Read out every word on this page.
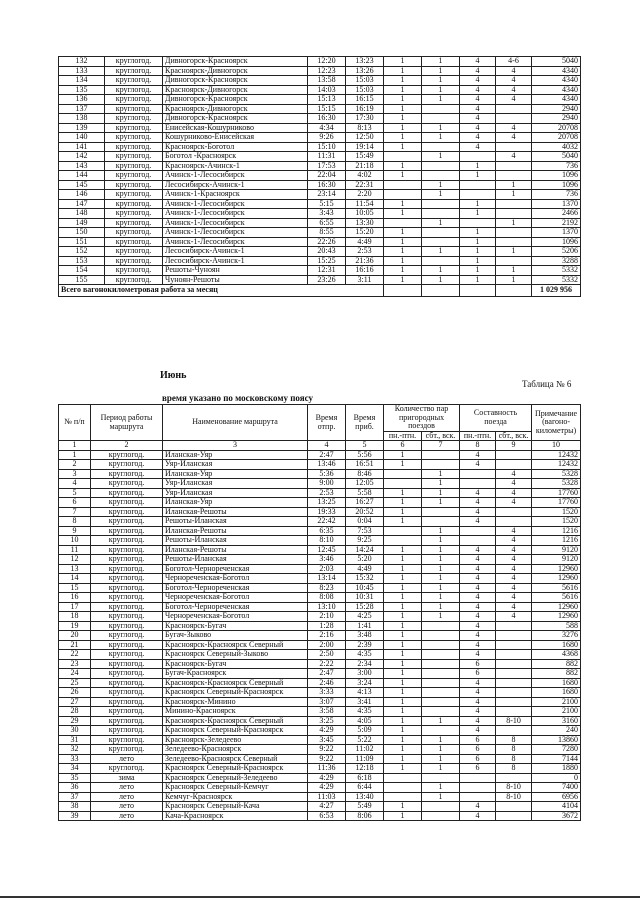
132	круглогод.	Дивногорск-Красноярск	12:20	13:23	1	1	4	4-6	5040
133	круглогод.	Красноярск-Дивногорск	12:23	13:26	1	1	4	4	4340
134	круглогод.	Дивногорск-Красноярск	13:58	15:03	1	1	4	4	4340
135	круглогод.	Красноярск-Дивногорск	14:03	15:03	1	1	4	4	4340
136	круглогод.	Дивногорск-Красноярск	15:13	16:15	1	1	4	4	4340
137	круглогод.	Красноярск-Дивногорск	15:15	16:19	1		4		2940
138	круглогод.	Дивногорск-Красноярск	16:30	17:30	1		4		2940
139	круглогод.	Енисейская-Кошурниково	4:34	8:13	1	1	4	4	20708
140	круглогод.	Кошурниково-Енисейская	9:26	12:50	1	1	4	4	20708
141	круглогод.	Красноярск-Боготол	15:10	19:14	1		4		4032
142	круглогод.	Боготол -Красноярск	11:31	15:49		1		4	5040
143	круглогод.	Красноярск-Ачинск-1	17:53	21:18	1		1		736
144	круглогод.	Ачинск-1-Лесосибирск	22:04	4:02	1		1		1096
145	круглогод.	Лесосибирск-Ачинск-1	16:30	22:31		1		1	1096
146	круглогод.	Ачинск-1-Красноярск	23:14	2:20		1		1	736
147	круглогод.	Ачинск-1-Лесосибирск	5:15	11:54	1		1		1370
148	круглогод.	Ачинск-1-Лесосибирск	3:43	10:05	1		1		2466
149	круглогод.	Ачинск-1-Лесосибирск	6:55	13:30		1		1	2192
150	круглогод.	Ачинск-1-Лесосибирск	8:55	15:20	1		1		1370
151	круглогод.	Ачинск-1-Лесосибирск	22:26	4:49	1		1		1096
152	круглогод.	Лесосибирск-Ачинск-1	20:43	2:53	1	1	1	1	5206
153	круглогод.	Лесосибирск-Ачинск-1	15:25	21:36	1		1		3288
154	круглогод.	Решоты-Чуноян	12:31	16:16	1	1	1	1	5332
155	круглогод.	Чуноян-Решоты	23:26	3:11	1	1	1	1	5332
Всего вагонокилометровая работа за месяц									1 029 956
Июнь
Таблица № 6
время указано по московскому поясу
№ п/п	Период работы маршрута	Наименование маршрута	Время отпр.	Время приб.	Количество пар пригородных поездов		Составность поезда		Примечание (вагоно-километры)
					пн.-птн.	сбт., вск.	пн.-птн.	сбт., вск.	
1	2	3	4	5	6	7	8	9	10
1	круглогод.	Иланская-Уяр	2:47	5:56	1		4		12432
2	круглогод.	Уяр-Иланская	13:46	16:51	1		4		12432
3	круглогод.	Иланская-Уяр	5:36	8:46		1		4	5328
4	круглогод.	Уяр-Иланская	9:00	12:05		1		4	5328
5	круглогод.	Уяр-Иланская	2:53	5:58	1	1	4	4	17760
6	круглогод.	Иланская-Уяр	13:25	16:27	1	1	4	4	17760
7	круглогод.	Иланская-Решоты	19:33	20:52	1		4		1520
8	круглогод.	Решоты-Иланская	22:42	0:04	1		4		1520
9	круглогод.	Иланская-Решоты	6:35	7:53		1		4	1216
10	круглогод.	Решоты-Иланская	8:10	9:25		1		4	1216
11	круглогод.	Иланская-Решоты	12:45	14:24	1	1	4	4	9120
12	круглогод.	Решоты-Иланская	3:46	5:20	1	1	4	4	9120
13	круглогод.	Боготол-Чернореченская	2:03	4:49	1	1	4	4	12960
14	круглогод.	Чернореченская-Боготол	13:14	15:32	1	1	4	4	12960
15	круглогод.	Боготол-Чернореченская	8:23	10:45	1	1	4	4	5616
16	круглогод.	Чернореченская-Боготол	8:08	10:31	1	1	4	4	5616
17	круглогод.	Боготол-Чернореченская	13:10	15:28	1	1	4	4	12960
18	круглогод.	Чернореченская-Боготол	2:10	4:25	1	1	4	4	12960
19	круглогод.	Красноярск-Бугач	1:28	1:41	1		4		588
20	круглогод.	Бугач-Зыково	2:16	3:48	1		4		3276
21	круглогод.	Красноярск-Красноярск Северный	2:00	2:39	1		4		1680
22	круглогод.	Красноярск Северный-Зыково	2:50	4:35	1		4		4368
23	круглогод.	Красноярск-Бугач	2:22	2:34	1		6		882
24	круглогод.	Бугач-Красноярск	2:47	3:00	1		6		882
25	круглогод.	Красноярск-Красноярск Северный	2:46	3:24	1		4		1680
26	круглогод.	Красноярск Северный-Красноярск	3:33	4:13	1		4		1680
27	круглогод.	Красноярск-Минино	3:07	3:41	1		4		2100
28	круглогод.	Минино-Красноярск	3:58	4:35	1		4		2100
29	круглогод.	Красноярск-Красноярск Северный	3:25	4:05	1	1	4	8-10	3160
30	круглогод.	Красноярск Северный-Красноярск	4:29	5:09	1		4		240
31	круглогод.	Красноярск-Зеледеево	3:45	5:22	1	1	6	8	13860
32	круглогод.	Зеледеево-Красноярск	9:22	11:02	1	1	6	8	7280
33	лето	Зеледеево-Красноярск Северный	9:22	11:09	1	1	6	8	7144
34	круглогод.	Красноярск Северный-Красноярск	11:36	12:18	1	1	6	8	1880
35	зима	Красноярск Северный-Зеледеево	4:29	6:18					0
36	лето	Красноярск Северный-Кемчуг	4:29	6:44		1		8-10	7400
37	лето	Кемчуг-Красноярск	11:03	13:40		1		8-10	6956
38	лето	Красноярск Северный-Кача	4:27	5:49	1		4		4104
39	лето	Кача-Красноярск	6:53	8:06	1		4		3672
